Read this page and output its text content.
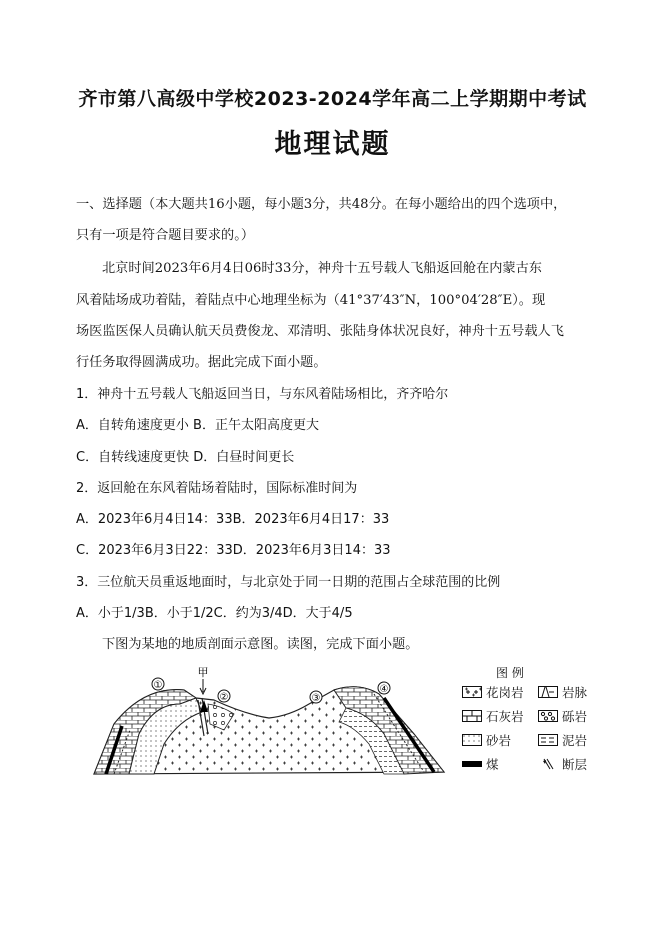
齐市第八高级中学校2023-2024学年高二上学期期中考试
地理试题
一、选择题（本大题共16小题，每小题3分，共48分。在每小题给出的四个选项中，
只有一项是符合题目要求的。）
北京时间2023年6月4日06时33分，神舟十五号载人飞船返回舱在内蒙古东
风着陆场成功着陆，着陆点中心地理坐标为（41°37′43″N，100°04′28″E）。现
场医监医保人员确认航天员费俊龙、邓清明、张陆身体状况良好，神舟十五号载人飞
行任务取得圆满成功。据此完成下面小题。
1．神舟十五号载人飞船返回当日，与东风着陆场相比，齐齐哈尔
A．自转角速度更小 B．正午太阳高度更大
C．自转线速度更快 D．白昼时间更长
2．返回舱在东风着陆场着陆时，国际标准时间为
A．2023年6月4日14：33B．2023年6月4日17：33
C．2023年6月3日22：33D．2023年6月3日14：33
3．三位航天员重返地面时，与北京处于同一日期的范围占全球范围的比例
A．小于1/3B．小于1/2C．约为3/4D．大于4/5
下图为某地的地质剖面示意图。读图，完成下面小题。
①
②	③
④
甲	图 例
花岗岩	岩脉
石灰岩	砾岩
砂岩	泥岩
煤	断层
